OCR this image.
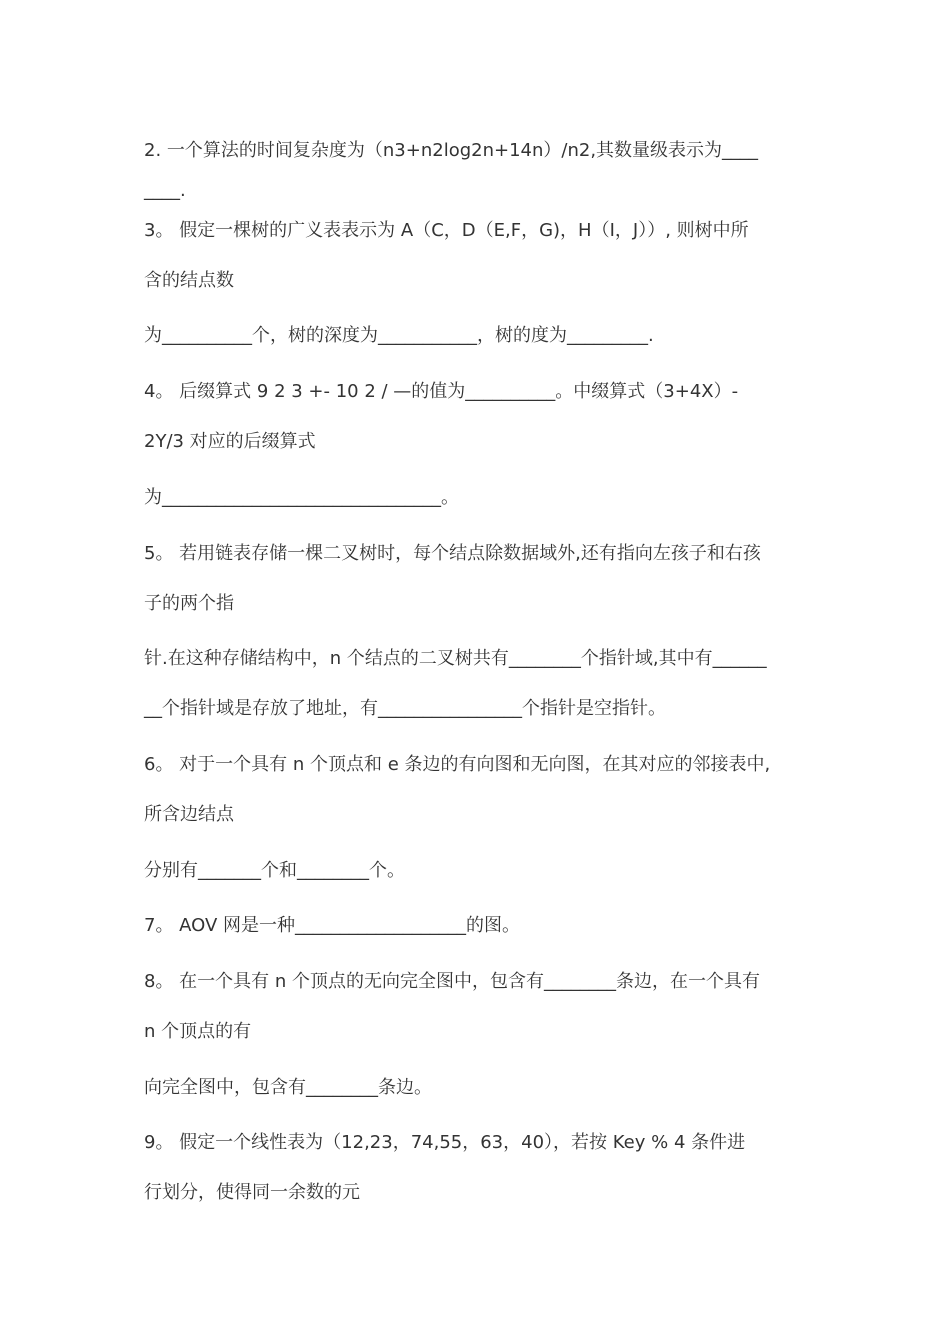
2. 一个算法的时间复杂度为（n3+n2log2n+14n）/n2,其数量级表示为____
____.
3。 假定一棵树的广义表表示为 A（C，D（E,F，G)，H（I，J））, 则树中所
含的结点数
为__________个，树的深度为___________，树的度为_________.
4。 后缀算式 9 2 3 +- 10 2 / —的值为__________。中缀算式（3+4X）-
2Y/3 对应的后缀算式
为_______________________________。
5。 若用链表存储一棵二叉树时，每个结点除数据域外,还有指向左孩子和右孩
子的两个指
针.在这种存储结构中，n 个结点的二叉树共有________个指针域,其中有______
__个指针域是存放了地址，有________________个指针是空指针。
6。 对于一个具有 n 个顶点和 e 条边的有向图和无向图，在其对应的邻接表中,
所含边结点
分别有_______个和________个。
7。 AOV 网是一种___________________的图。
8。 在一个具有 n 个顶点的无向完全图中，包含有________条边，在一个具有
n 个顶点的有
向完全图中，包含有________条边。
9。 假定一个线性表为（12,23，74,55，63，40），若按 Key % 4 条件进
行划分，使得同一余数的元
